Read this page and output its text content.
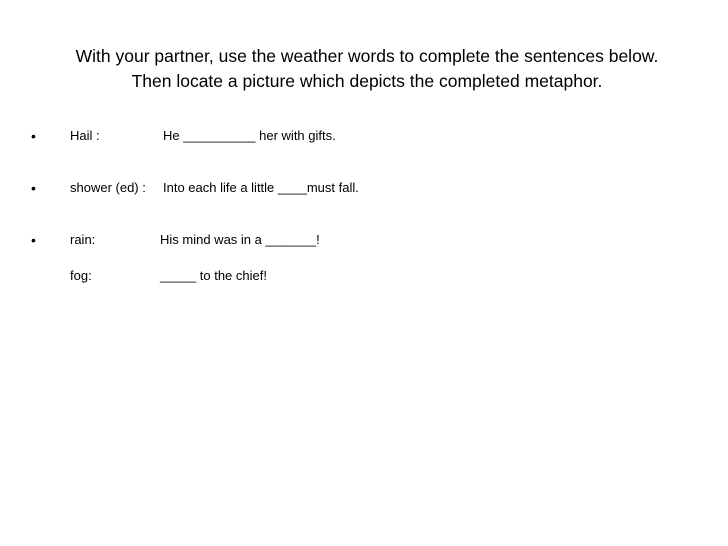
With your partner, use the weather words to complete the sentences below.
Then locate a picture which depicts the completed metaphor.
•	Hail :	He __________ her with gifts.
•	shower (ed) : Into each life a little ____must fall.
•	rain:	His mind was in a _______!
fog:	_____ to the chief!
